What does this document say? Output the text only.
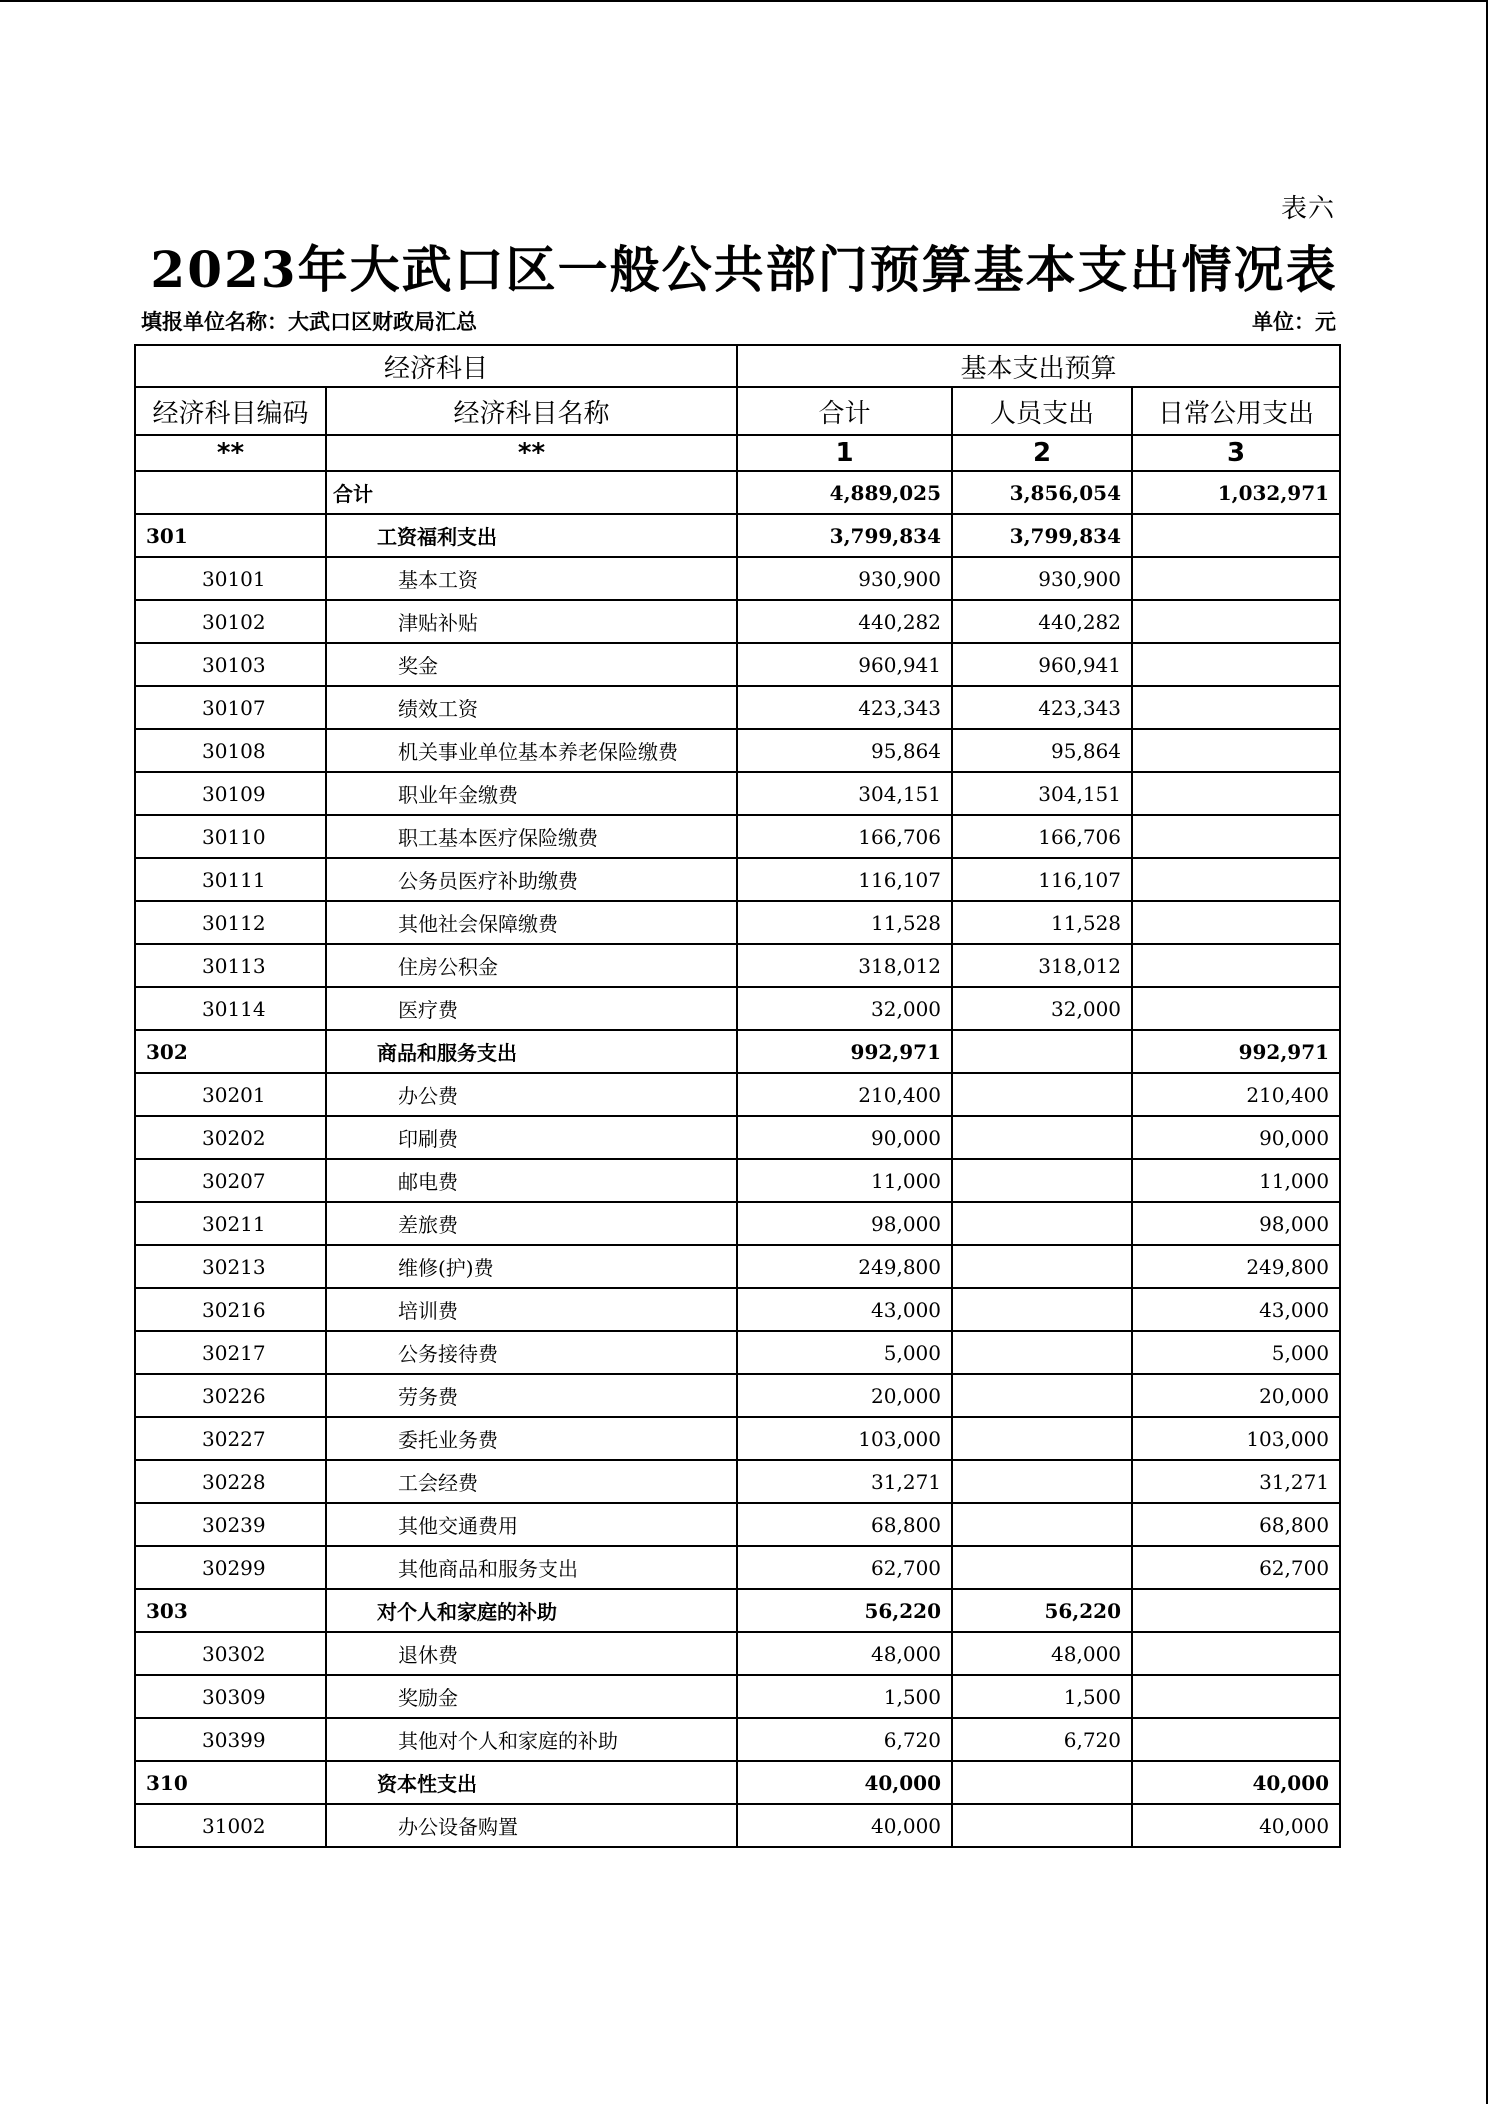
表六
2023年大武口区一般公共部门预算基本支出情况表
填报单位名称：大武口区财政局汇总	单位：元
经济科目		基本支出预算		
经济科目编码	经济科目名称	合计	人员支出	日常公用支出
**	**	1	2	3
	合计	4,889,025	3,856,054	1,032,971
301	工资福利支出	3,799,834	3,799,834	
30101	基本工资	930,900	930,900	
30102	津贴补贴	440,282	440,282	
30103	奖金	960,941	960,941	
30107	绩效工资	423,343	423,343	
30108	机关事业单位基本养老保险缴费	95,864	95,864	
30109	职业年金缴费	304,151	304,151	
30110	职工基本医疗保险缴费	166,706	166,706	
30111	公务员医疗补助缴费	116,107	116,107	
30112	其他社会保障缴费	11,528	11,528	
30113	住房公积金	318,012	318,012	
30114	医疗费	32,000	32,000	
302	商品和服务支出	992,971		992,971
30201	办公费	210,400		210,400
30202	印刷费	90,000		90,000
30207	邮电费	11,000		11,000
30211	差旅费	98,000		98,000
30213	维修(护)费	249,800		249,800
30216	培训费	43,000		43,000
30217	公务接待费	5,000		5,000
30226	劳务费	20,000		20,000
30227	委托业务费	103,000		103,000
30228	工会经费	31,271		31,271
30239	其他交通费用	68,800		68,800
30299	其他商品和服务支出	62,700		62,700
303	对个人和家庭的补助	56,220	56,220	
30302	退休费	48,000	48,000	
30309	奖励金	1,500	1,500	
30399	其他对个人和家庭的补助	6,720	6,720	
310	资本性支出	40,000		40,000
31002	办公设备购置	40,000		40,000
